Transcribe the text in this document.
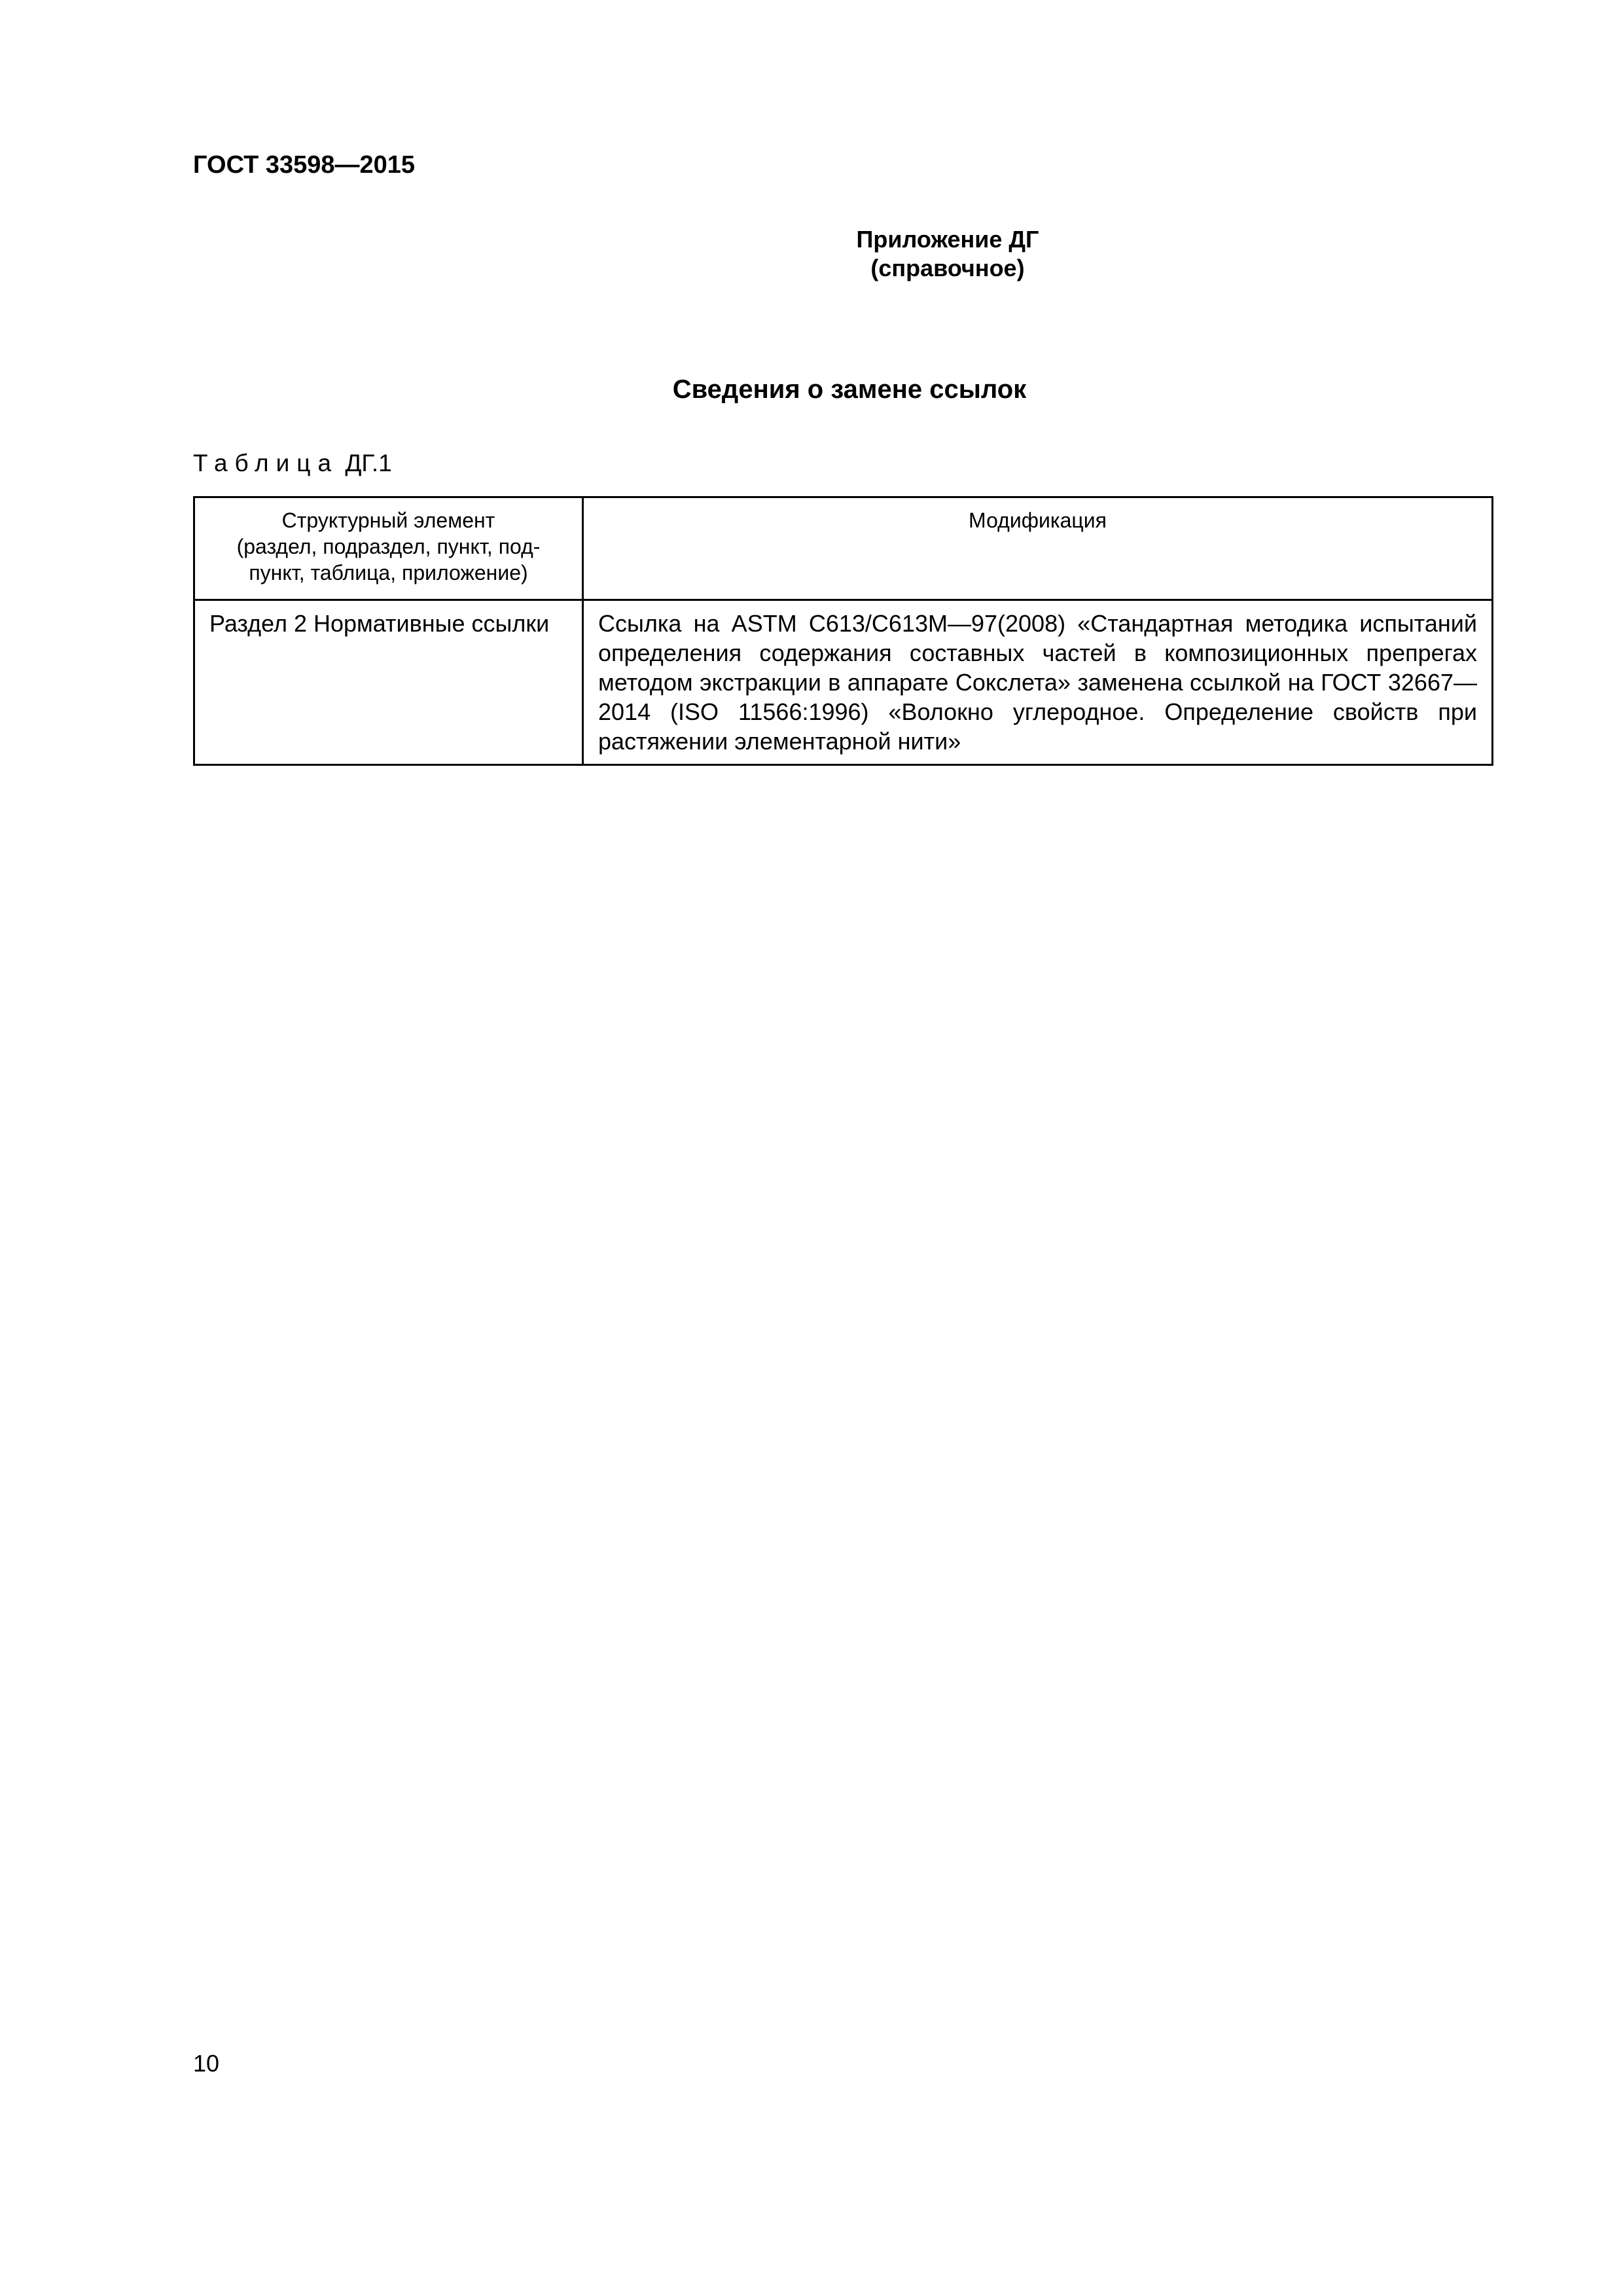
ГОСТ 33598—2015
Приложение ДГ
(справочное)
Сведения о замене ссылок
Таблица ДГ.1
Структурный элемент
(раздел, подраздел, пункт, под-
пункт, таблица, приложение)	Модификация
Раздел 2 Нормативные ссылки	Ссылка на ASTM C613/C613M—97(2008) «Стандартная методика испытаний определения содержания составных частей в композиционных препрегах методом экстракции в аппарате Сокслета» заменена ссылкой на ГОСТ 32667—2014 (ISO 11566:1996) «Волокно углеродное. Определение свойств при растяжении элементарной нити»
10
